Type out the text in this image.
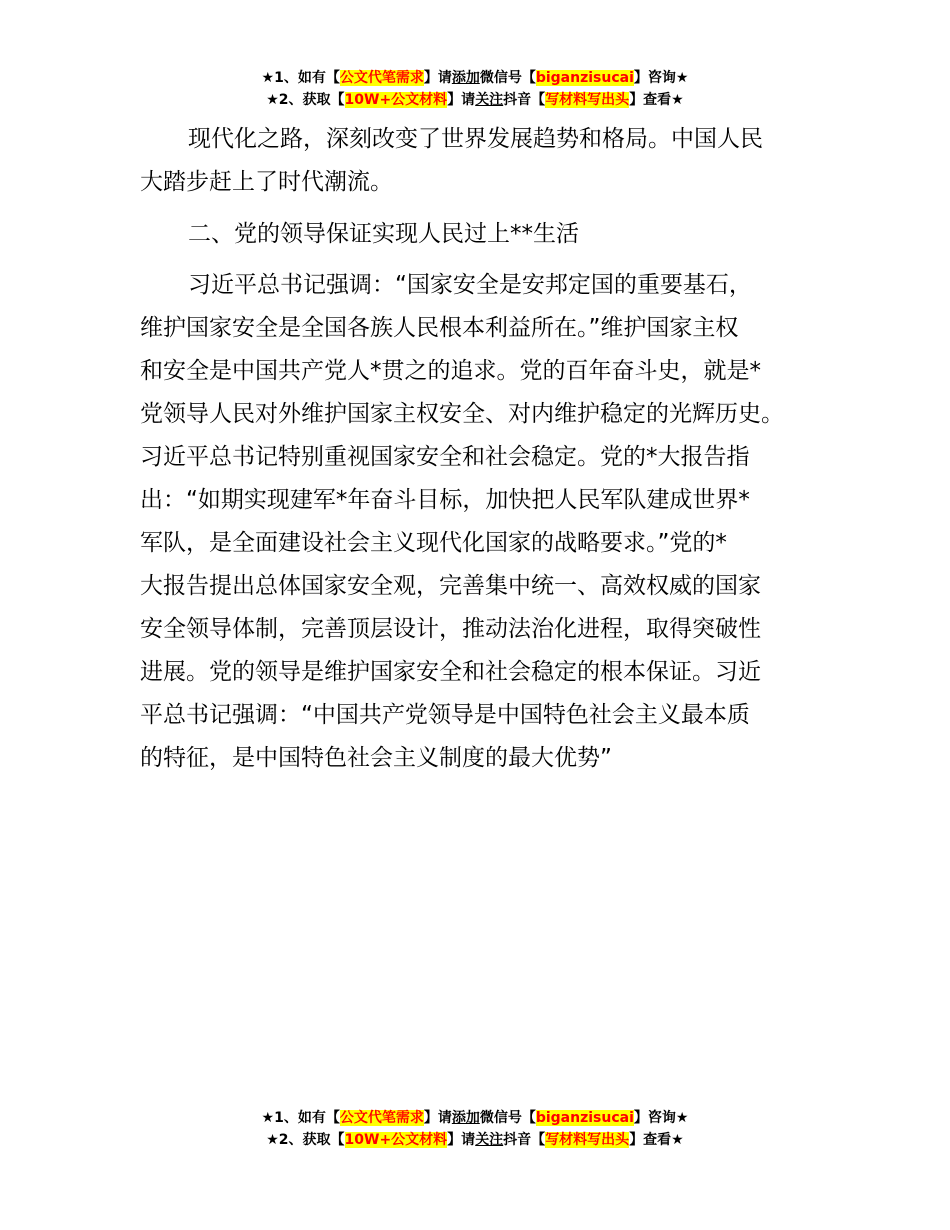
★1、如有【公文代笔需求】请添加微信号【biganzisucai】咨询★
★2、获取【10W+公文材料】请关注抖音【写材料写出头】查看★

现代化之路，深刻改变了世界发展趋势和格局。中国人民

大踏步赶上了时代潮流。

二、党的领导保证实现人民过上**生活

习近平总书记强调：“国家安全是安邦定国的重要基石，

维护国家安全是全国各族人民根本利益所在。”维护国家主权

和安全是中国共产党人*贯之的追求。党的百年奋斗史，就是*

党领导人民对外维护国家主权安全、对内维护稳定的光辉历史。

习近平总书记特别重视国家安全和社会稳定。党的*大报告指

出：“如期实现建军*年奋斗目标，加快把人民军队建成世界*

军队，是全面建设社会主义现代化国家的战略要求。”党的*

大报告提出总体国家安全观，完善集中统一、高效权威的国家

安全领导体制，完善顶层设计，推动法治化进程，取得突破性

进展。党的领导是维护国家安全和社会稳定的根本保证。习近

平总书记强调：“中国共产党领导是中国特色社会主义最本质

的特征，是中国特色社会主义制度的最大优势”

★1、如有【公文代笔需求】请添加微信号【biganzisucai】咨询★
★2、获取【10W+公文材料】请关注抖音【写材料写出头】查看★
